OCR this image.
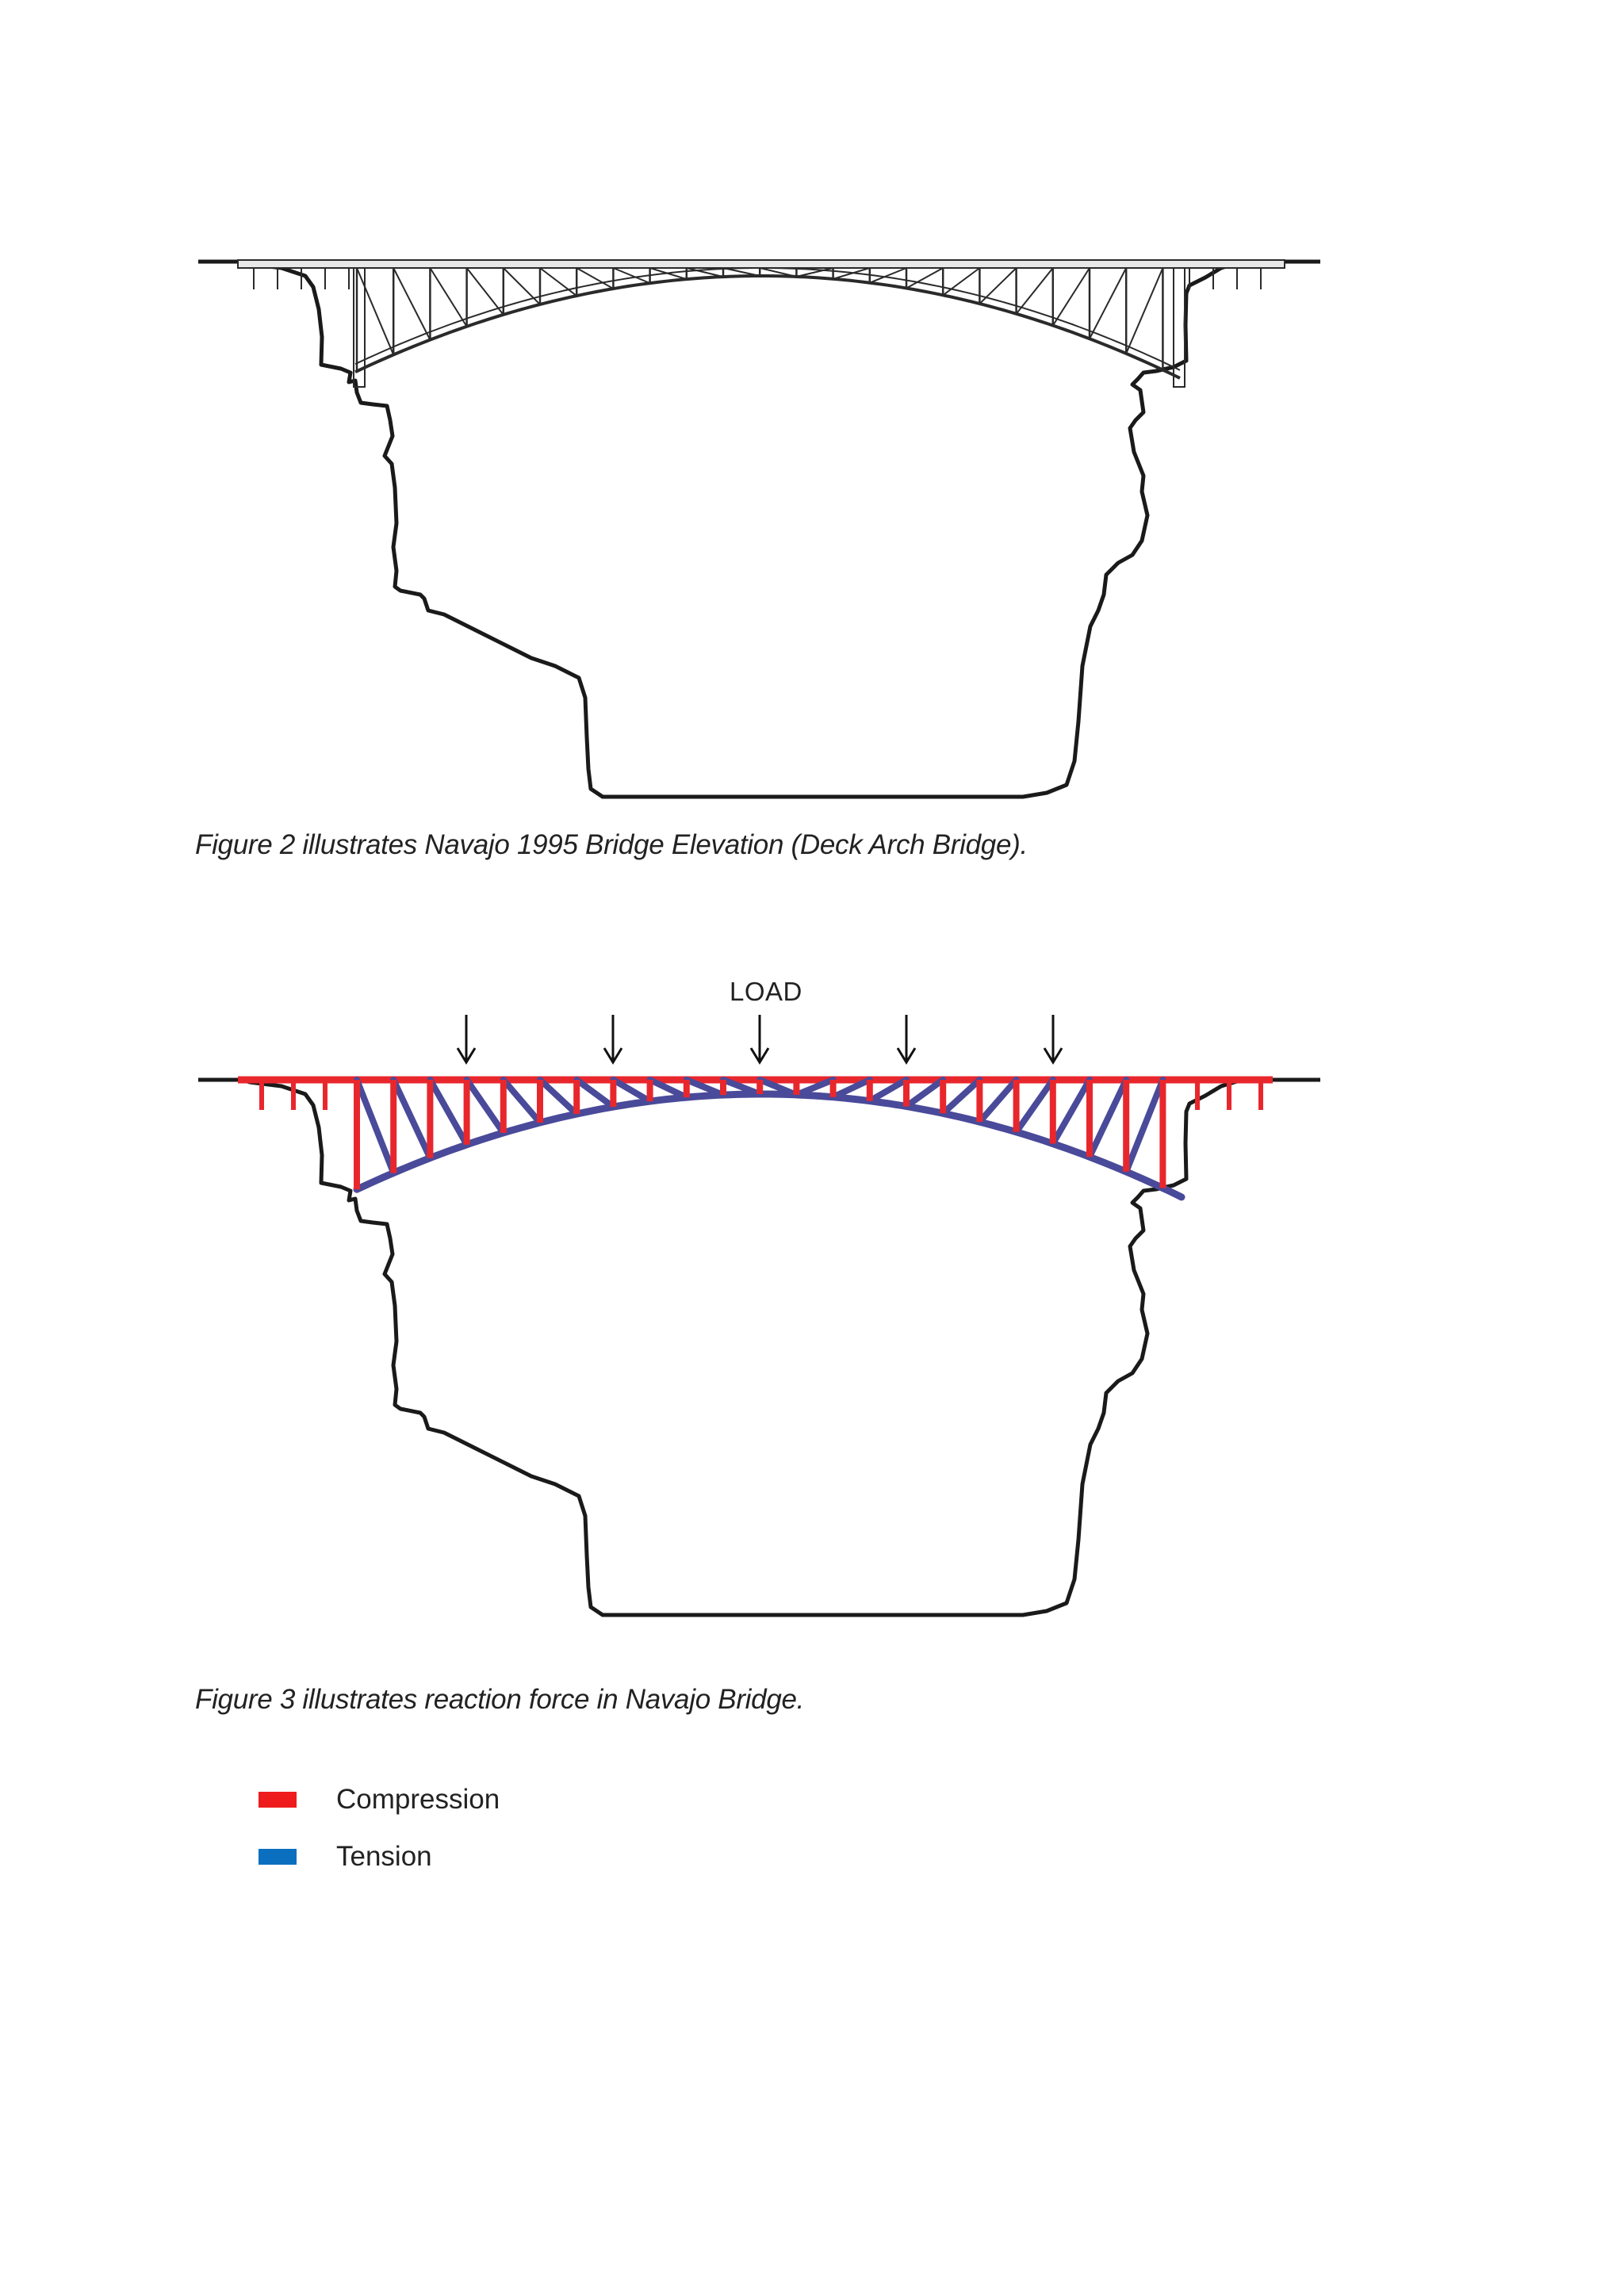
Figure 2 illustrates Navajo 1995 Bridge Elevation (Deck Arch Bridge).
LOAD
Figure 3 illustrates reaction force in Navajo Bridge.
Compression
Tension
